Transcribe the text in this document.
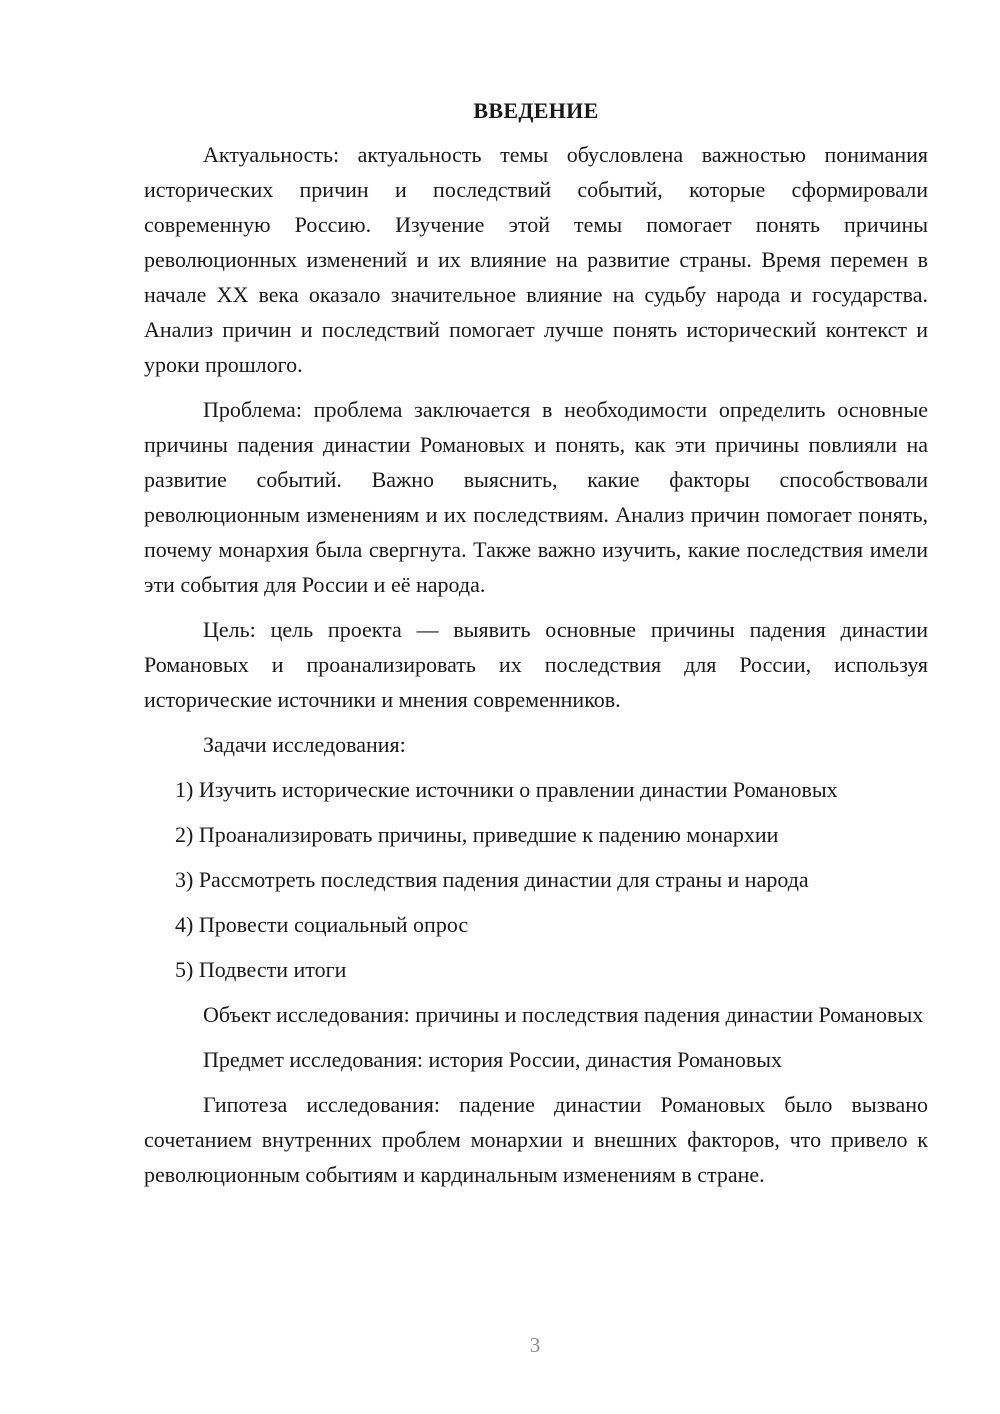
ВВЕДЕНИЕ

Актуальность: актуальность темы обусловлена важностью понимания исторических причин и последствий событий, которые сформировали современную Россию. Изучение этой темы помогает понять причины революционных изменений и их влияние на развитие страны. Время перемен в начале XX века оказало значительное влияние на судьбу народа и государства. Анализ причин и последствий помогает лучше понять исторический контекст и уроки прошлого.

Проблема: проблема заключается в необходимости определить основные причины падения династии Романовых и понять, как эти причины повлияли на развитие событий. Важно выяснить, какие факторы способствовали революционным изменениям и их последствиям. Анализ причин помогает понять, почему монархия была свергнута. Также важно изучить, какие последствия имели эти события для России и её народа.

Цель: цель проекта — выявить основные причины падения династии Романовых и проанализировать их последствия для России, используя исторические источники и мнения современников.

Задачи исследования:

1) Изучить исторические источники о правлении династии Романовых
2) Проанализировать причины, приведшие к падению монархии
3) Рассмотреть последствия падения династии для страны и народа
4) Провести социальный опрос
5) Подвести итоги

Объект исследования: причины и последствия падения династии Романовых

Предмет исследования: история России, династия Романовых

Гипотеза исследования: падение династии Романовых было вызвано сочетанием внутренних проблем монархии и внешних факторов, что привело к революционным событиям и кардинальным изменениям в стране.

3
